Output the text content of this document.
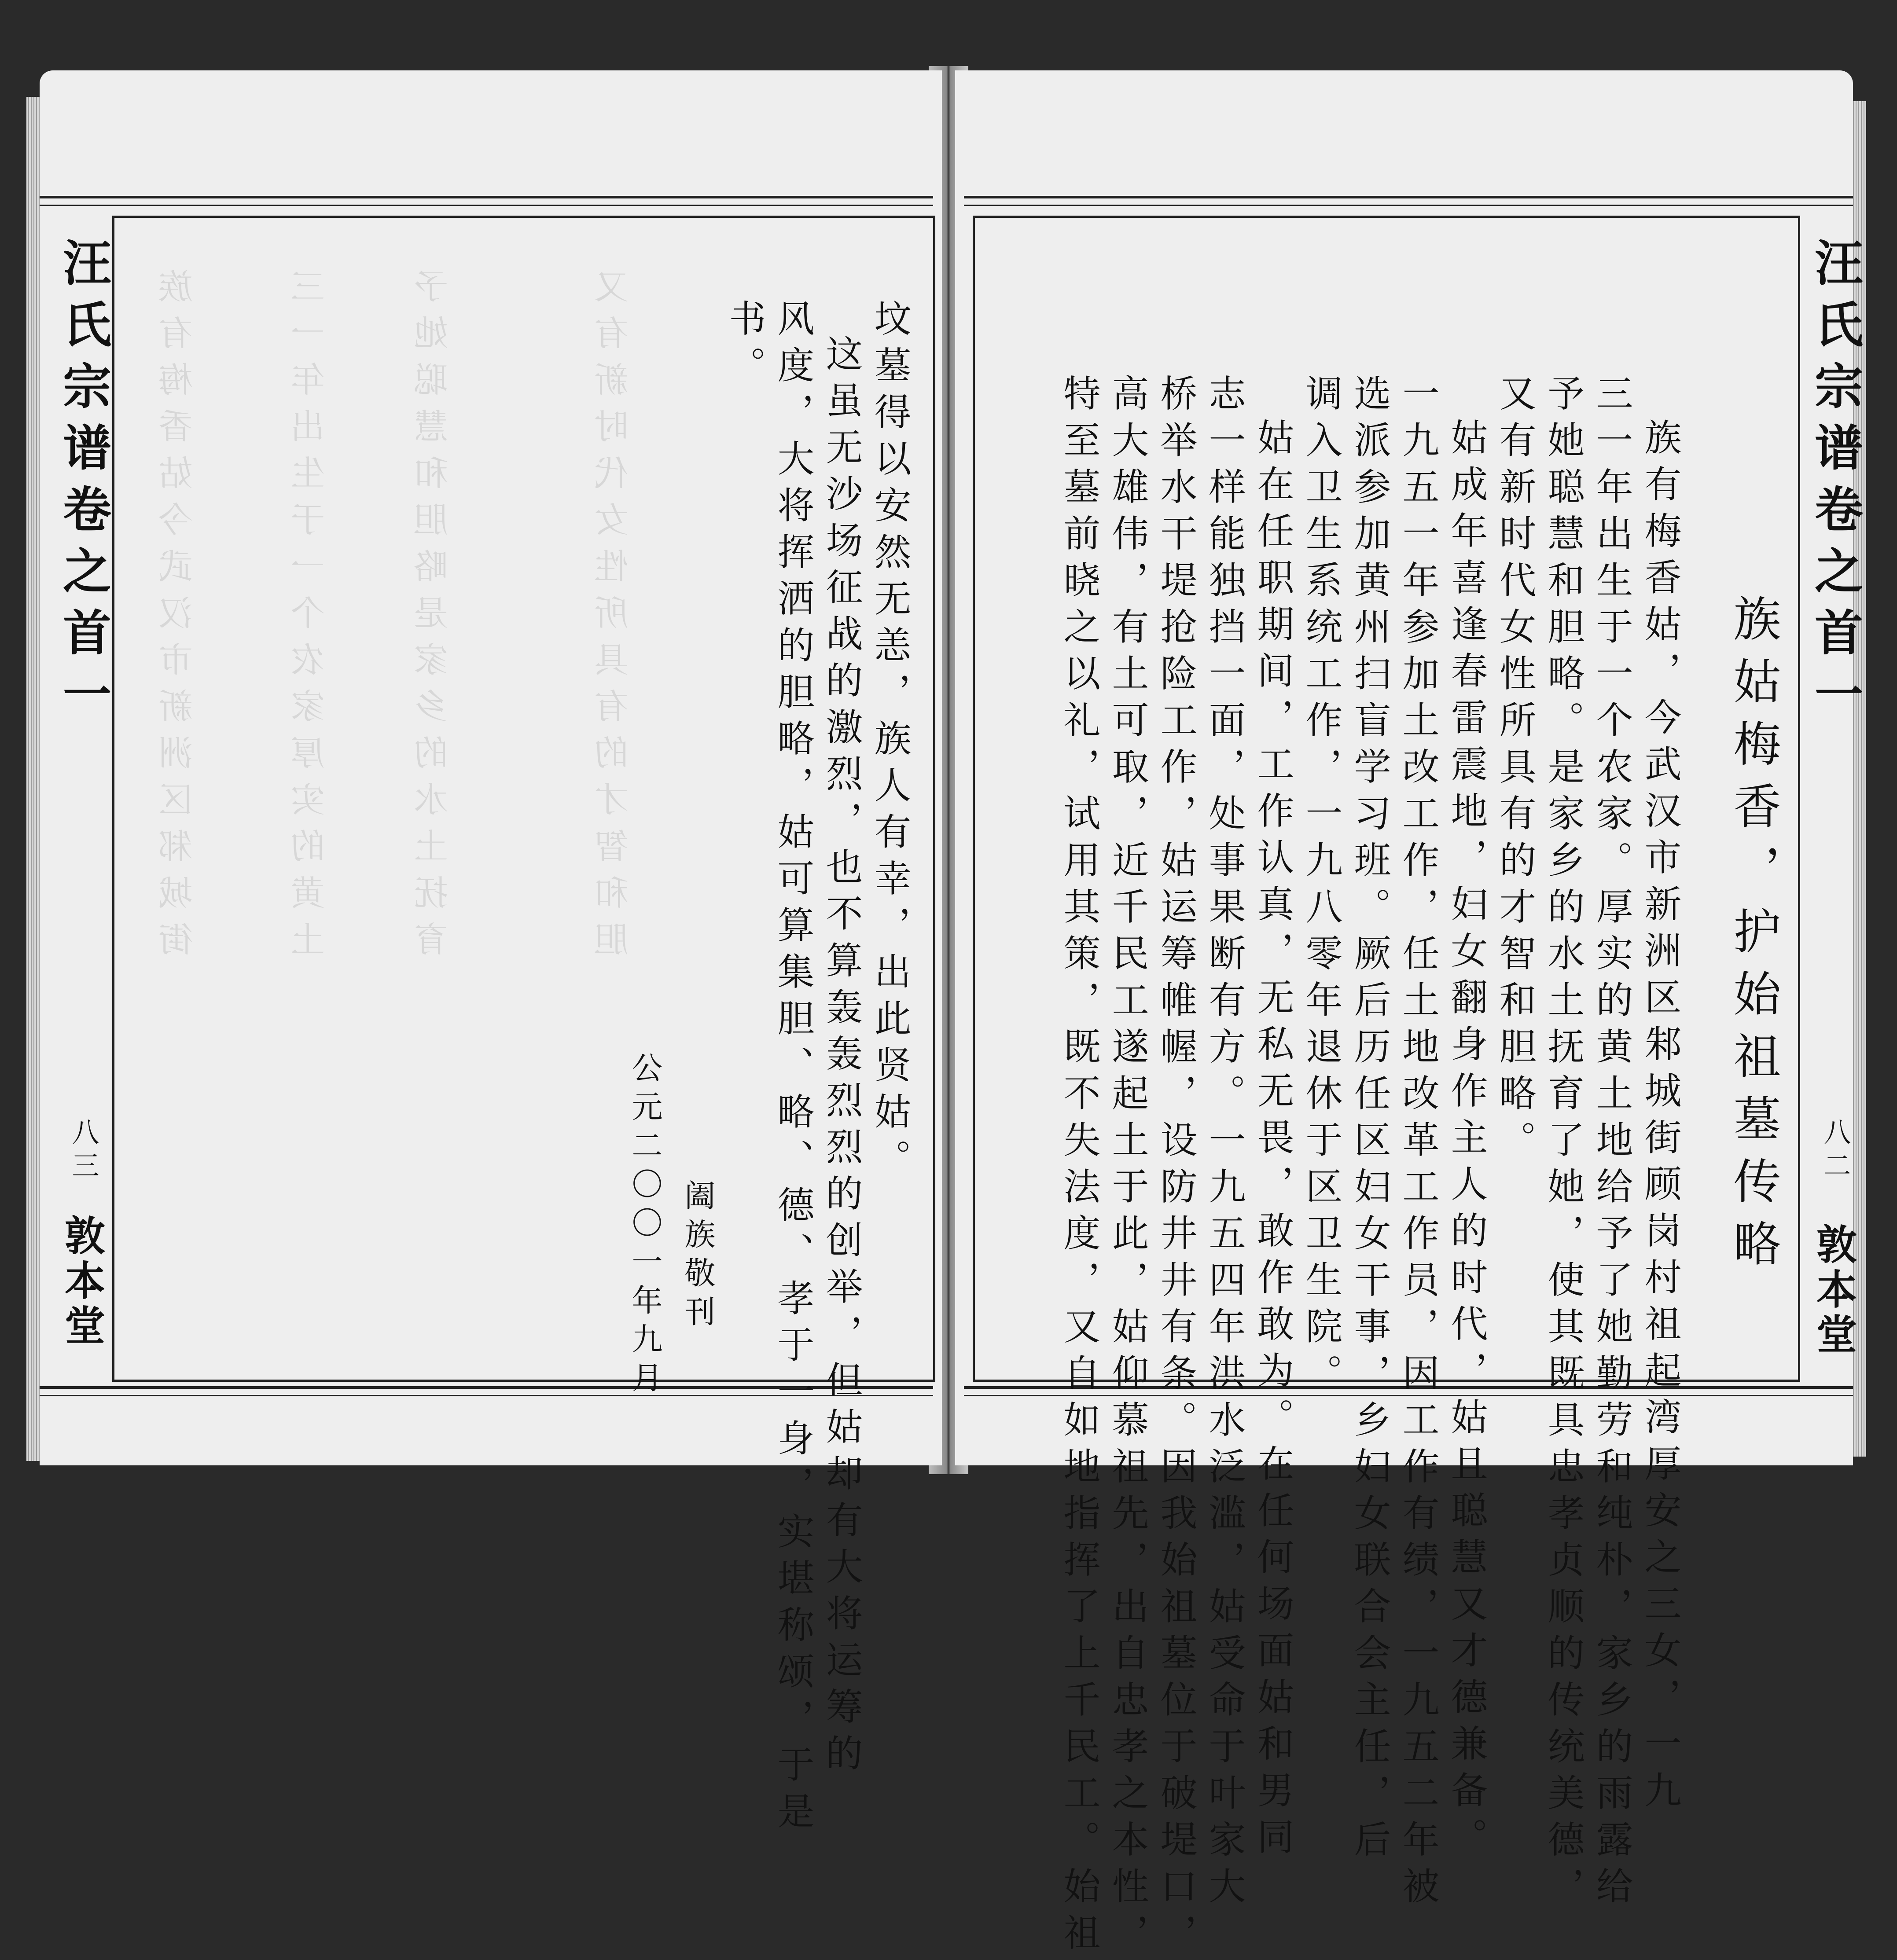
汪氏宗谱卷之首一
八三
敦本堂
族有梅香姑今武汉市新洲区邾城街	三一年出生于一个农家厚实的黄土 予她聪慧和胆略是家乡的水土抚育	又有新时代女性所具有的才智和胆	坟墓得以安然无恙，族人有幸，出此贤姑。
这虽无沙场征战的激烈，也不算轰轰烈烈的创举，但姑却有大将运筹的
风度，大将挥洒的胆略，姑可算集胆、略、德、孝于一身，实堪称颂，于是
书。
阖族敬刊
公元二〇〇一年九月
汪氏宗谱卷之首一
八二
敦本堂
族姑梅香，护始祖墓传略
族有梅香姑，今武汉市新洲区邾城街顾岗村祖起湾厚安之三女，一九
三一年出生于一个农家。厚实的黄土地给予了她勤劳和纯朴，家乡的雨露给
予她聪慧和胆略。是家乡的水土抚育了她，使其既具忠孝贞顺的传统美德，
又有新时代女性所具有的才智和胆略。
姑成年喜逢春雷震地，妇女翻身作主人的时代，姑且聪慧又才德兼备。
一九五一年参加土改工作，任土地改革工作员，因工作有绩，一九五二年被
选派参加黄州扫盲学习班。厥后历任区妇女干事，乡妇女联合会主任，后
调入卫生系统工作，一九八零年退休于区卫生院。
姑在任职期间，工作认真，无私无畏，敢作敢为。在任何场面姑和男同
志一样能独挡一面，处事果断有方。一九五四年洪水泛滥，姑受命于叶家大
桥举水干堤抢险工作，姑运筹帷幄，设防井井有条。因我始祖墓位于破堤口，
高大雄伟，有土可取，近千民工遂起土于此，姑仰慕祖先，出自忠孝之本性，
特至墓前晓之以礼，试用其策，既不失法度，又自如地指挥了上千民工。始祖
